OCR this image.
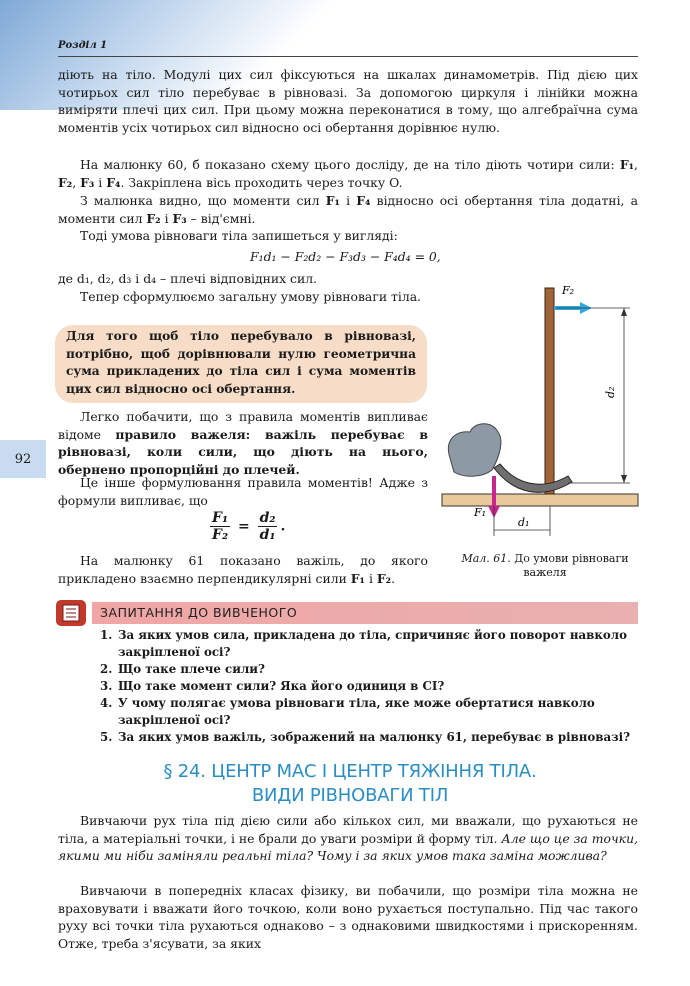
Розділ 1
92

діють на тіло. Модулі цих сил фіксуються на шкалах динамометрів. Під дією цих чотирьох сил тіло перебуває в рівновазі. За допомогою циркуля і лінійки можна виміряти плечі цих сил. При цьому можна переконатися в тому, що алгебраїчна сума моментів усіх чотирьох сил відносно осі обертання дорівнює нулю.

На малюнку 60, б показано схему цього досліду, де на тіло діють чотири сили: F₁, F₂, F₃ і F₄. Закріплена вісь проходить через точку O.

З малюнка видно, що моменти сил F₁ і F₄ відносно осі обертання тіла додатні, а моменти сил F₂ і F₃ – від'ємні.

Тоді умова рівноваги тіла запишеться у вигляді:

F₁d₁ − F₂d₂ − F₃d₃ − F₄d₄ = 0,

де d₁, d₂, d₃ і d₄ – плечі відповідних сил.

Тепер сформулюємо загальну умову рівноваги тіла.

Для того щоб тіло перебувало в рівновазі, потрібно, щоб дорівнювали нулю геометрична сума прикладених до тіла сил і сума моментів цих сил відносно осі обертання.

Легко побачити, що з правила моментів випливає відоме правило важеля: важіль перебуває в рівновазі, коли сили, що діють на нього, обернено пропорційні до плечей.

Це інше формулювання правила моментів! Адже з формули випливає, що

$\frac{\text{F₁}}{\text{F₂}} = \frac{\text{d₂}}{\text{d₁}}$ .

На малюнку 61 показано важіль, до якого прикладено взаємно перпендикулярні сили F₁ і F₂.

F₂
d₂
F₁
d₁
Мал. 61. До умови рівноваги важеля
ЗАПИТАННЯ ДО ВИВЧЕНОГО
1. За яких умов сила, прикладена до тіла, спричиняє його поворот навколо закріпленої осі?
2. Що таке плече сили?
3. Що таке момент сили? Яка його одиниця в СІ?
4. У чому полягає умова рівноваги тіла, яке може обертатися навколо закріпленої осі?
5. За яких умов важіль, зображений на малюнку 61, перебуває в рівновазі?
§ 24. ЦЕНТР МАС І ЦЕНТР ТЯЖІННЯ ТІЛА.
ВИДИ РІВНОВАГИ ТІЛ

Вивчаючи рух тіла під дією сили або кількох сил, ми вважали, що рухаються не тіла, а матеріальні точки, і не брали до уваги розміри й форму тіл. Але що це за точки, якими ми ніби заміняли реальні тіла? Чому і за яких умов така заміна можлива?

Вивчаючи в попередніх класах фізику, ви побачили, що розміри тіла можна не враховувати і вважати його точкою, коли воно рухається поступально. Під час такого руху всі точки тіла рухаються однаково – з однаковими швидкостями і прискоренням. Отже, треба з'ясувати, за яких
